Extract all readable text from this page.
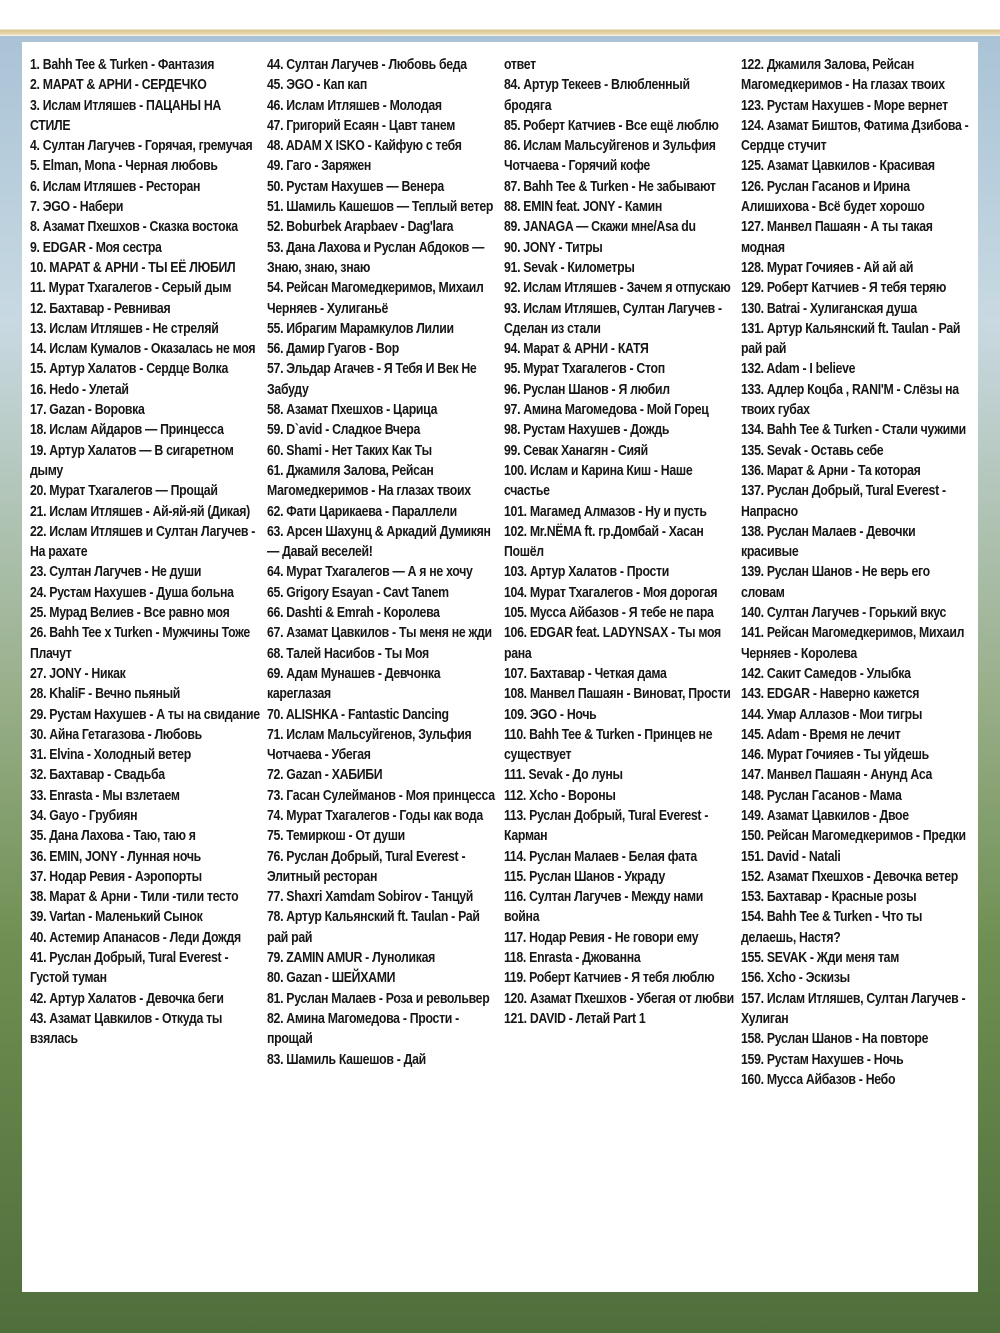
1. Bahh Tee & Turken - Фантазия
2. МАРАТ & АРНИ - СЕРДЕЧКО
3. Ислам Итляшев - ПАЦАНЫ НА СТИЛЕ
4. Султан Лагучев - Горячая, гремучая
5. Elman, Mona - Черная любовь
6. Ислам Итляшев - Ресторан
7. ЭGO - Набери
8. Азамат Пхешхов - Сказка востока
9. EDGAR - Моя сестра
10. МАРАТ & АРНИ - ТЫ ЕЁ ЛЮБИЛ
11. Мурат Тхагалегов - Серый дым
12. Бахтавар - Ревнивая
13. Ислам Итляшев - Не стреляй
14. Ислам Кумалов - Оказалась не моя
15. Артур Халатов - Сердце Волка
16. Hedo - Улетай
17. Gazan - Воровка
18. Ислам Айдаров — Принцесса
19. Артур Халатов — В сигаретном дыму
20. Мурат Тхагалегов — Прощай
21. Ислам Итляшев - Ай-яй-яй (Дикая)
22. Ислам Итляшев и Султан Лагучев - На рахате
23. Султан Лагучев - Не души
24. Рустам Нахушев - Душа больна
25. Мурад Велиев - Все равно моя
26. Bahh Tee x Turken - Мужчины Тоже Плачут
27. JONY - Никак
28. KhaliF - Вечно пьяный
29. Рустам Нахушев - А ты на свидание
30. Айна Гетагазова - Любовь
31. Elvina - Холодный ветер
32. Бахтавар - Свадьба
33. Enrasta - Мы взлетаем
34. Gayo - Грубиян
35. Дана Лахова - Таю, таю я
36. EMIN, JONY - Лунная ночь
37. Нодар Ревия - Аэропорты
38. Марат & Арни - Тили -тили тесто
39. Vartan - Маленький Сынок
40. Астемир Апанасов - Леди Дождя
41. Руслан Добрый, Tural Everest - Густой туман
42. Артур Халатов - Девочка беги
43. Азамат Цавкилов - Откуда ты взялась
44. Султан Лагучев - Любовь беда
45. ЭGO - Кап кап
46. Ислам Итляшев - Молодая
47. Григорий Есаян - Цавт танем
48. ADAM X ISKO - Кайфую с тебя
49. Гаго - Заряжен
50. Рустам Нахушев — Венера
51. Шамиль Кашешов — Теплый ветер
52. Boburbek Arapbaev - Dag'lara
53. Дана Лахова и Руслан Абдоков — Знаю, знаю, знаю
54. Рейсан Магомедкеримов, Михаил Черняев - Хулиганьё
55. Ибрагим Марамкулов Лилии
56. Дамир Гуагов - Вор
57. Эльдар Агачев - Я Тебя И Век Не Забуду
58. Азамат Пхешхов - Царица
59. D`avid - Сладкое Вчера
60. Shami - Нет Таких Как Ты
61. Джамиля Залова, Рейсан Магомедкеримов - На глазах твоих
62. Фати Царикаева - Параллели
63. Арсен Шахунц & Аркадий Думикян — Давай веселей!
64. Мурат Тхагалегов — А я не хочу
65. Grigory Esayan - Cavt Tanem
66. Dashti & Emrah - Королева
67. Азамат Цавкилов - Ты меня не жди
68. Талей Насибов - Ты Моя
69. Адам Мунашев - Девчонка кареглазая
70. ALISHKA - Fantastic Dancing
71. Ислам Мальсуйгенов, Зульфия Чотчаева - Убегая
72. Gazan - ХАБИБИ
73. Гасан Сулейманов - Моя принцесса
74. Мурат Тхагалегов - Годы как вода
75. Темиркош - От души
76. Руслан Добрый, Tural Everest - Элитный ресторан
77. Shaxri Xamdam Sobirov - Танцуй
78. Артур Кальянский ft. Taulan - Рай рай рай
79. ZAMIN AMUR - Луноликая
80. Gazan - ШЕЙХАМИ
81. Руслан Малаев - Роза и револьвер
82. Амина Магомедова - Прости - прощай
83. Шамиль Кашешов - Дай
ответ
84. Артур Текеев - Влюбленный бродяга
85. Роберт Катчиев - Все ещё люблю
86. Ислам Мальсуйгенов и Зульфия Чотчаева - Горячий кофе
87. Bahh Tee & Turken - Не забывают
88. EMIN feat. JONY - Камин
89. JANAGA — Скажи мне/Asa du
90. JONY - Титры
91. Sevak - Километры
92. Ислам Итляшев - Зачем я отпускаю
93. Ислам Итляшев, Султан Лагучев - Сделан из стали
94. Марат & АРНИ - КАТЯ
95. Мурат Тхагалегов - Стоп
96. Руслан Шанов - Я любил
97. Амина Магомедова - Мой Горец
98. Рустам Нахушев - Дождь
99. Севак Ханагян - Сияй
100. Ислам и Карина Киш - Наше счастье
101. Магамед Алмазов - Ну и пусть
102. Mr.NЁMA ft. гр.Домбай - Хасан Пошёл
103. Артур Халатов - Прости
104. Мурат Тхагалегов - Моя дорогая
105. Мусса Айбазов - Я тебе не пара
106. EDGAR feat. LADYNSAX - Ты моя рана
107. Бахтавар - Четкая дама
108. Манвел Пашаян - Виноват, Прости
109. ЭGO - Ночь
110. Bahh Tee & Turken - Принцев не существует
111. Sevak - До луны
112. Xcho - Вороны
113. Руслан Добрый, Tural Everest - Карман
114. Руслан Малаев - Белая фата
115. Руслан Шанов - Украду
116. Султан Лагучев - Между нами война
117. Нодар Ревия - Не говори ему
118. Enrasta - Джованна
119. Роберт Катчиев - Я тебя люблю
120. Азамат Пхешхов - Убегая от любви
121. DAVID - Летай Part 1
122. Джамиля Залова, Рейсан Магомедкеримов - На глазах твоих
123. Рустам Нахушев - Море вернет
124. Азамат Биштов, Фатима Дзибова - Сердце стучит
125. Азамат Цавкилов - Красивая
126. Руслан Гасанов и Ирина Алишихова - Всё будет хорошо
127. Манвел Пашаян - А ты такая модная
128. Мурат Гочияев - Ай ай ай
129. Роберт Катчиев - Я тебя теряю
130. Batrai - Хулиганская душа
131. Артур Кальянский ft. Taulan - Рай рай рай
132. Adam - I believe
133. Адлер Коцба , RANI'M - Слёзы на твоих губах
134. Bahh Tee & Turken - Стали чужими
135. Sevak - Оставь себе
136. Марат & Арни - Та которая
137. Руслан Добрый, Tural Everest - Напрасно
138. Руслан Малаев - Девочки красивые
139. Руслан Шанов - Не верь его словам
140. Султан Лагучев - Горький вкус
141. Рейсан Магомедкеримов, Михаил Черняев - Королева
142. Сакит Самедов - Улыбка
143. EDGAR - Наверно кажется
144. Умар Аллазов - Мои тигры
145. Adam - Время не лечит
146. Мурат Гочияев - Ты уйдешь
147. Манвел Пашаян - Анунд Аса
148. Руслан Гасанов - Мама
149. Азамат Цавкилов - Двое
150. Рейсан Магомедкеримов - Предки
151. David - Natali
152. Азамат Пхешхов - Девочка ветер
153. Бахтавар - Красные розы
154. Bahh Tee & Turken - Что ты делаешь, Настя?
155. SEVAK - Жди меня там
156. Xcho - Эскизы
157. Ислам Итляшев, Султан Лагучев - Хулиган
158. Руслан Шанов - На повторе
159. Рустам Нахушев - Ночь
160. Мусса Айбазов - Небо
